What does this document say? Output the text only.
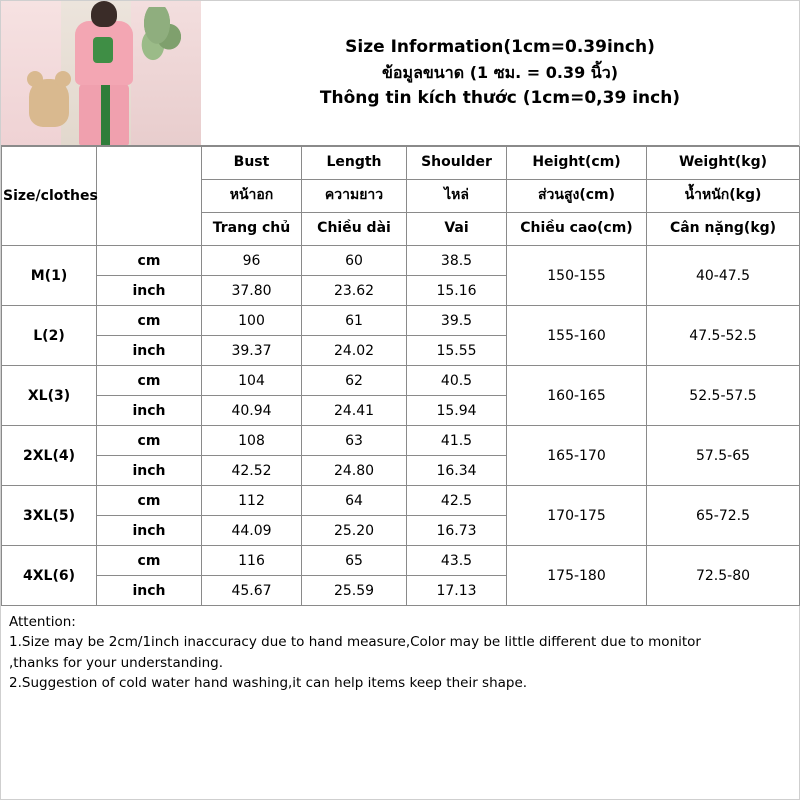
Size Information(1cm=0.39inch)
ข้อมูลขนาด (1 ซม. = 0.39 นิ้ว)
Thông tin kích thước (1cm=0,39 inch)
Size/clothes		Bust	Length	Shoulder	Height(cm)	Weight(kg)
		หน้าอก	ความยาว	ไหล่	ส่วนสูง(cm)	น้ำหนัก(kg)
		Trang chủ	Chiều dài	Vai	Chiều cao(cm)	Cân nặng(kg)
M(1)	cm	96	60	38.5	150-155	40-47.5
	inch	37.80	23.62	15.16		
L(2)	cm	100	61	39.5	155-160	47.5-52.5
	inch	39.37	24.02	15.55		
XL(3)	cm	104	62	40.5	160-165	52.5-57.5
	inch	40.94	24.41	15.94		
2XL(4)	cm	108	63	41.5	165-170	57.5-65
	inch	42.52	24.80	16.34		
3XL(5)	cm	112	64	42.5	170-175	65-72.5
	inch	44.09	25.20	16.73		
4XL(6)	cm	116	65	43.5	175-180	72.5-80
	inch	45.67	25.59	17.13		
Attention:
1.Size may be 2cm/1inch inaccuracy due to hand measure,Color may be little different due to monitor
,thanks for your understanding.
2.Suggestion of cold water hand washing,it can help items keep their shape.
